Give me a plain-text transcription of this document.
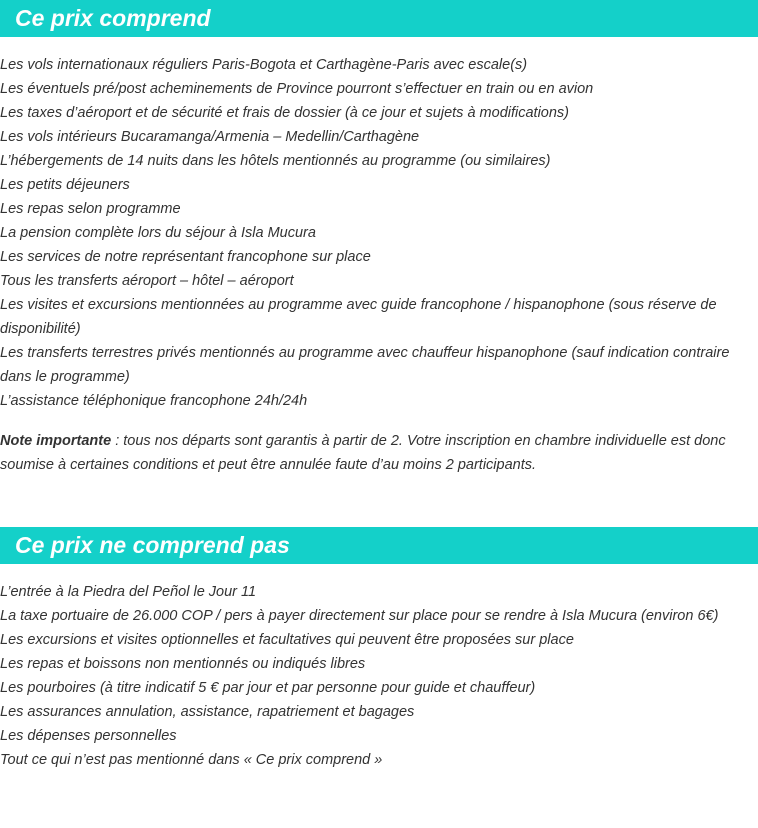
Ce prix comprend
Les vols internationaux réguliers Paris-Bogota et Carthagène-Paris avec escale(s)
Les éventuels pré/post acheminements de Province pourront s’effectuer en train ou en avion
Les taxes d’aéroport et de sécurité et frais de dossier (à ce jour et sujets à modifications)
Les vols intérieurs Bucaramanga/Armenia – Medellin/Carthagène
L’hébergements de 14 nuits dans les hôtels mentionnés au programme (ou similaires)
Les petits déjeuners
Les repas selon programme
La pension complète lors du séjour à Isla Mucura
Les services de notre représentant francophone sur place
Tous les transferts aéroport – hôtel – aéroport
Les visites et excursions mentionnées au programme avec guide francophone / hispanophone (sous réserve de disponibilité)
Les transferts terrestres privés mentionnés au programme avec chauffeur hispanophone (sauf indication contraire dans le programme)
L’assistance téléphonique francophone 24h/24h

Note importante : tous nos départs sont garantis à partir de 2. Votre inscription en chambre individuelle est donc soumise à certaines conditions et peut être annulée faute d’au moins 2 participants.

Ce prix ne comprend pas
L’entrée à la Piedra del Peñol le Jour 11
La taxe portuaire de 26.000 COP / pers à payer directement sur place pour se rendre à Isla Mucura (environ 6€)
Les excursions et visites optionnelles et facultatives qui peuvent être proposées sur place
Les repas et boissons non mentionnés ou indiqués libres
Les pourboires (à titre indicatif 5 € par jour et par personne pour guide et chauffeur)
Les assurances annulation, assistance, rapatriement et bagages
Les dépenses personnelles
Tout ce qui n’est pas mentionné dans « Ce prix comprend »
